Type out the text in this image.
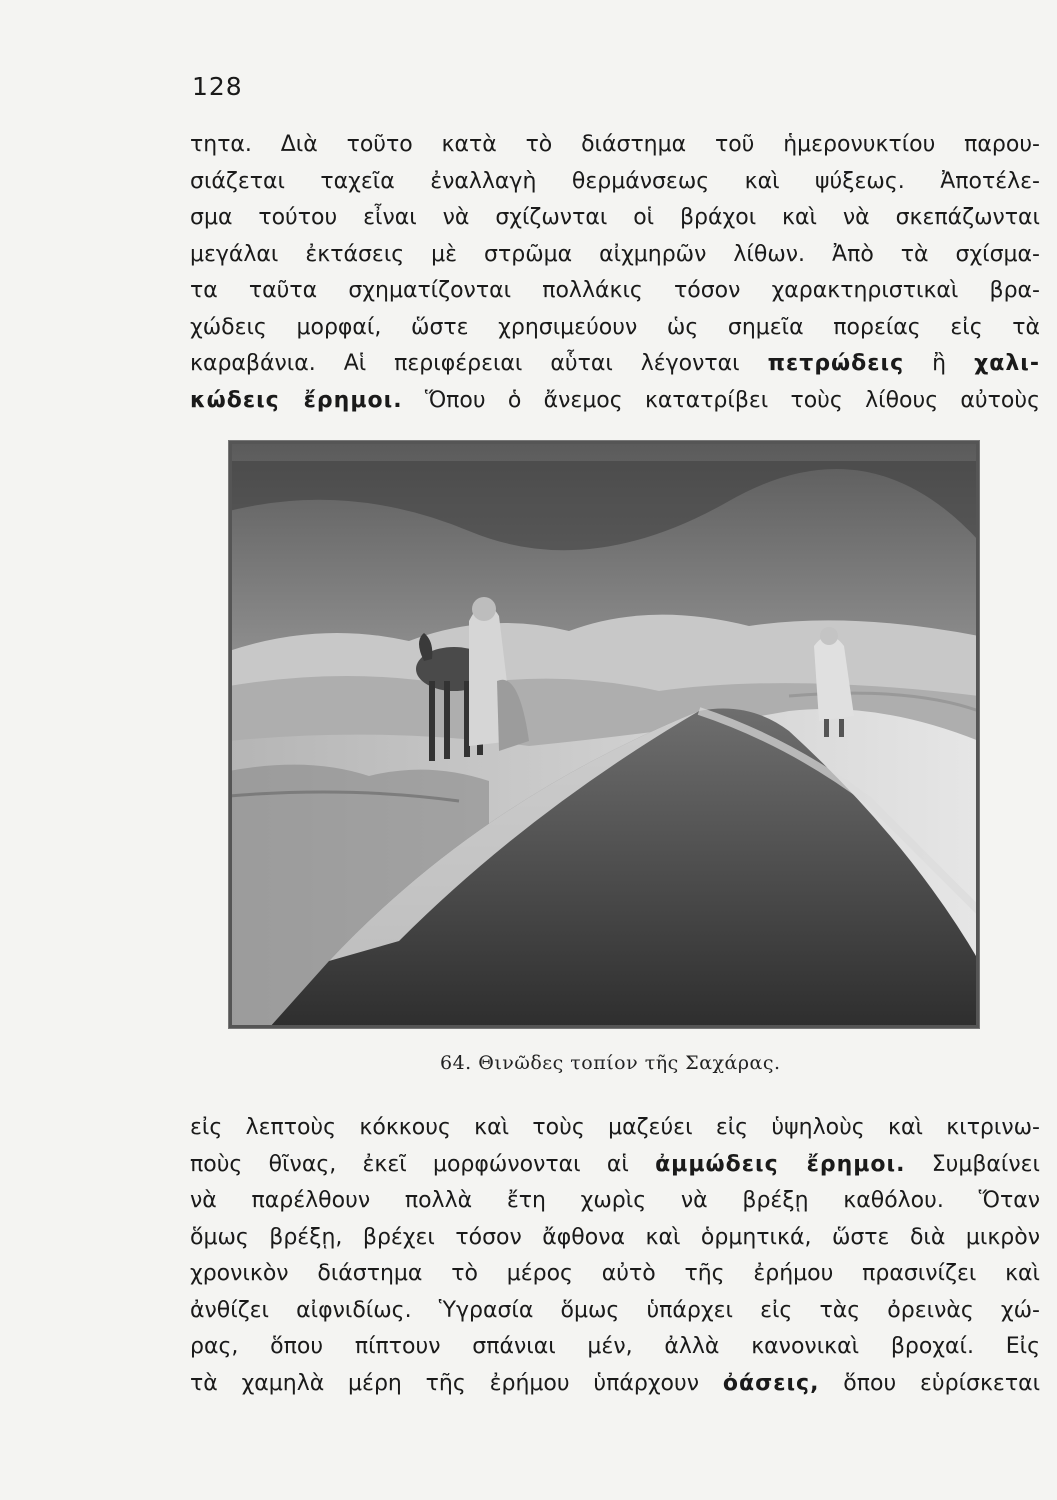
128
τητα. Διὰ τοῦτο κατὰ τὸ διάστημα τοῦ ἡμερονυκτίου παρου-
σιάζεται ταχεῖα ἐναλλαγὴ θερμάνσεως καὶ ψύξεως. Ἀποτέλε-
σμα τούτου εἶναι νὰ σχίζωνται οἱ βράχοι καὶ νὰ σκεπάζωνται
μεγάλαι ἐκτάσεις μὲ στρῶμα αἰχμηρῶν λίθων. Ἀπὸ τὰ σχίσμα-
τα ταῦτα σχηματίζονται πολλάκις τόσον χαρακτηριστικαὶ βρα-
χώδεις μορφαί, ὥστε χρησιμεύουν ὡς σημεῖα πορείας εἰς τὰ
καραβάνια. Αἱ περιφέρειαι αὗται λέγονται πετρώδεις ἢ χαλι-
κώδεις ἔρημοι. Ὅπου ὁ ἄνεμος κατατρίβει τοὺς λίθους αὐτοὺς
64. Θινῶδες τοπίον τῆς Σαχάρας.
εἰς λεπτοὺς κόκκους καὶ τοὺς μαζεύει εἰς ὑψηλοὺς καὶ κιτρινω-
ποὺς θῖνας, ἐκεῖ μορφώνονται αἱ ἀμμώδεις ἔρημοι. Συμβαίνει
νὰ παρέλθουν πολλὰ ἔτη χωρὶς νὰ βρέξῃ καθόλου. Ὅταν
ὅμως βρέξῃ, βρέχει τόσον ἄφθονα καὶ ὁρμητικά, ὥστε διὰ μικρὸν
χρονικὸν διάστημα τὸ μέρος αὐτὸ τῆς ἐρήμου πρασινίζει καὶ
ἀνθίζει αἰφνιδίως. Ὑγρασία ὅμως ὑπάρχει εἰς τὰς ὀρεινὰς χώ-
ρας, ὅπου πίπτουν σπάνιαι μέν, ἀλλὰ κανονικαὶ βροχαί. Εἰς
τὰ χαμηλὰ μέρη τῆς ἐρήμου ὑπάρχουν ὀάσεις, ὅπου εὑρίσκεται
